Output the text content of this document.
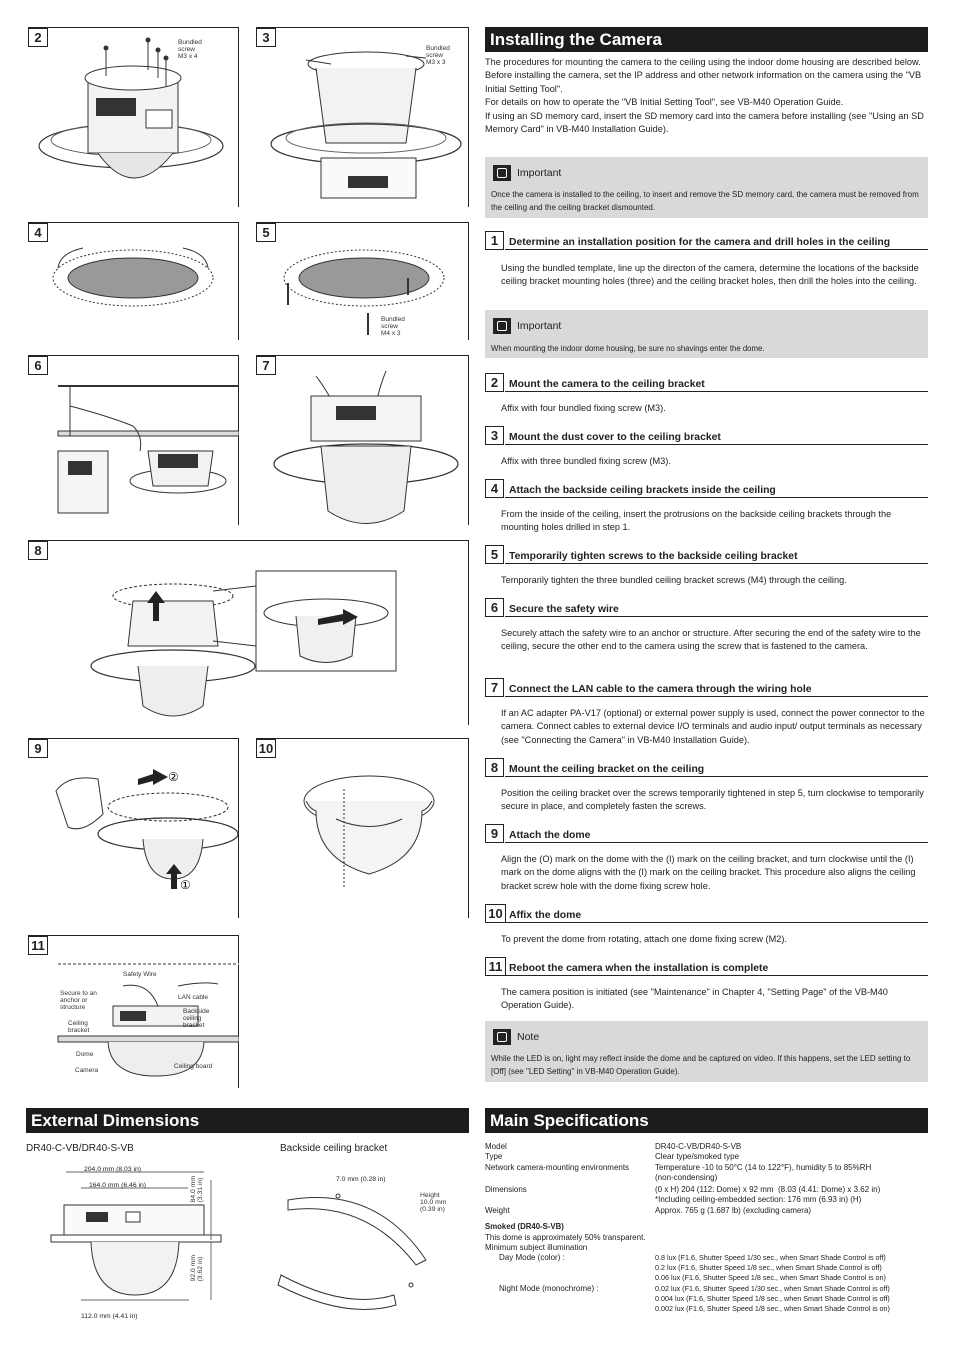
2	Bundled
screw
M3 x 4
3
Bundled
screw
M3 x 3
4	5
Bundled
screw
M4 x 3
6	7
8
9
②
①
10
11
Safety Wire
Secure to an
anchor or
structure
LAN cable
Ceiling
bracket
Backside
ceiling
bracket
Dome
Camera
Ceiling board
Installing the Camera
The procedures for mounting the camera to the ceiling using the indoor dome housing are described below.
Before installing the camera, set the IP address and other network information on the camera using the "VB Initial Setting Tool".
For details on how to operate the "VB Initial Setting Tool", see VB-M40 Operation Guide.
If using an SD memory card, insert the SD memory card into the camera before installing (see "Using an SD Memory Card" in VB-M40 Installation Guide).
Important
Once the camera is installed to the ceiling, to insert and remove the SD memory card, the camera must be removed from the ceiling and the ceiling bracket dismounted.
1	Determine an installation position for the camera and drill holes in the ceiling
Using the bundled template, line up the directon of the camera, determine the locations of the backside ceiling bracket mounting holes (three) and the ceiling bracket holes, then drill the holes into the ceiling.
Important
When mounting the indoor dome housing, be sure no shavings enter the dome.
2	Mount the camera to the ceiling bracket
Affix with four bundled fixing screw (M3).
3	Mount the dust cover to the ceiling bracket
Affix with three bundled fixing screw (M3).
4	Attach the backside ceiling brackets inside the ceiling
From the inside of the ceiling, insert the protrusions on the backside ceiling brackets through the mounting holes drilled in step 1.
5	Temporarily tighten screws to the backside ceiling bracket
Temporarily tighten the three bundled ceiling bracket screws (M4) through the ceiling.
6	Secure the safety wire
Securely attach the safety wire to an anchor or structure. After securing the end of the safety wire to the ceiling, secure the other end to the camera using the screw that is fastened to the camera.
7	Connect the LAN cable to the camera through the wiring hole
If an AC adapter PA-V17 (optional) or external power supply is used, connect the power connector to the camera. Connect cables to external device I/O terminals and audio input/ output terminals as necessary (see "Connecting the Camera" in VB-M40 Installation Guide).
8	Mount the ceiling bracket on the ceiling
Position the ceiling bracket over the screws temporarily tightened in step 5, turn clockwise to temporarily secure in place, and completely fasten the screws.
9	Attach the dome
Align the (O) mark on the dome with the (I) mark on the ceiling bracket, and turn clockwise until the (I) mark on the dome aligns with the (I) mark on the ceiling bracket. This procedure also aligns the ceiling bracket screw hole with the dome fixing screw hole.
10 Affix the dome
To prevent the dome from rotating, attach one dome fixing screw (M2).
11 Reboot the camera when the installation is complete
The camera position is initiated (see "Maintenance" in Chapter 4, "Setting Page" of the VB-M40 Operation Guide).
Note
While the LED is on, light may reflect inside the dome and be captured on video. If this happens, set the LED setting to [Off] (see "LED Setting" in VB-M40 Operation Guide).
External Dimensions
DR40-C-VB/DR40-S-VB	Backside ceiling bracket
204.0 mm (8.03 in)
164.0 mm (6.46 in)
112.0 mm (4.41 in)
7.0 mm (0.28 in)
84.0 mm
(3.31 in)
92.0 mm
(3.62 in)
Height
10.0 mm
(0.39 in)
Main Specifications
Model	DR40-C-VB/DR40-S-VB
Type	Clear type/smoked type
Network camera-mounting environments	Temperature -10 to 50°C (14 to 122°F), humidity 5 to 85%RH
(non-condensing)
Dimensions	(0 x H) 204 (112: Dome) x 92 mm  (8.03 (4.41: Dome) x 3.62 in)
*Including ceiling-embedded section: 176 mm (6.93 in) (H)
Weight	Approx. 765 g (1.687 lb) (excluding camera)
Smoked (DR40-S-VB)
This dome is approximately 50% transparent.
Minimum subject illumination
Day Mode (color) :	0.8 lux (F1.6, Shutter Speed 1/30 sec., when Smart Shade Control is off)
0.2 lux (F1.6, Shutter Speed 1/8 sec., when Smart Shade Control is off)
0.06 lux (F1.6, Shutter Speed 1/8 sec., when Smart Shade Control is on)
Night Mode (monochrome) :	0.02 lux (F1.6, Shutter Speed 1/30 sec., when Smart Shade Control is off)
0.004 lux (F1.6, Shutter Speed 1/8 sec., when Smart Shade Control is off)
0.002 lux (F1.6, Shutter Speed 1/8 sec., when Smart Shade Control is on)
